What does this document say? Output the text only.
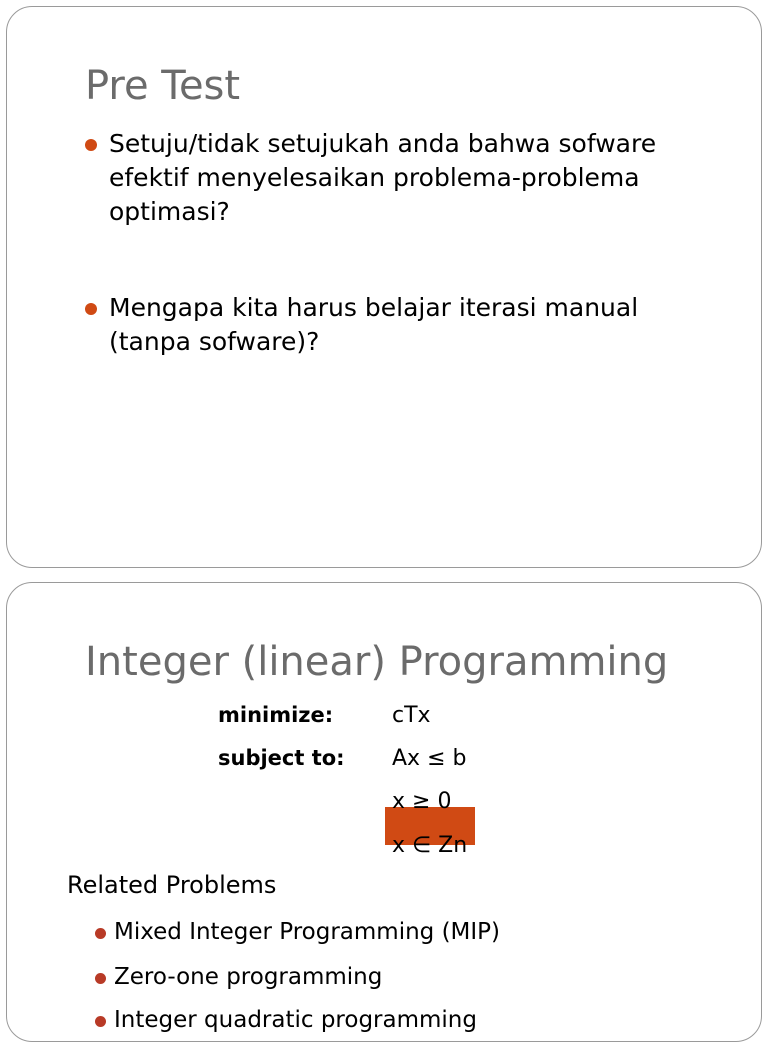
Pre Test
Setuju/tidak setujukah anda bahwa sofware efektif menyelesaikan problema-problema optimasi?
Mengapa kita harus belajar iterasi manual (tanpa sofware)?
Integer (linear) Programming
minimize:	cTx
subject to: Ax ≤ b
x ≥ 0
x ∈ Zn
Related Problems
Mixed Integer Programming (MIP)
Zero-one programming
Integer quadratic programming
